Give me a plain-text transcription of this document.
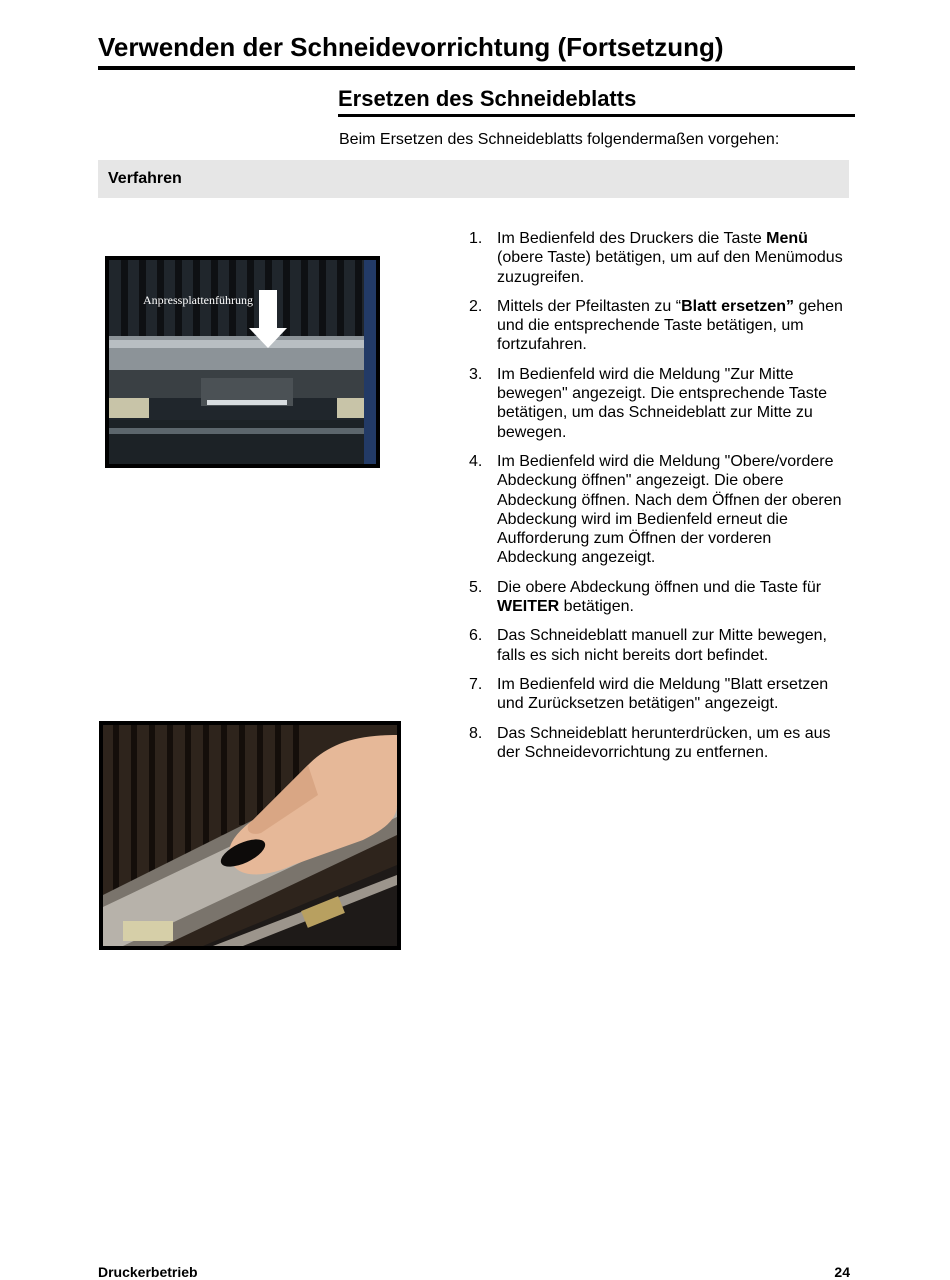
Verwenden der Schneidevorrichtung (Fortsetzung)
Ersetzen des Schneideblatts
Beim Ersetzen des Schneideblatts folgendermaßen vorgehen:
Verfahren
Anpressplattenführung
1. Im Bedienfeld des Druckers die Taste Menü (obere Taste) betätigen, um auf den Menümodus zuzugreifen.
2. Mittels der Pfeiltasten zu “Blatt ersetzen” gehen und die entsprechende Taste betätigen, um fortzufahren.
3. Im Bedienfeld wird die Meldung "Zur Mitte bewegen" angezeigt. Die entsprechende Taste betätigen, um das Schneideblatt zur Mitte zu bewegen.
4. Im Bedienfeld wird die Meldung "Obere/vordere Abdeckung öffnen" angezeigt. Die obere Abdeckung öffnen. Nach dem Öffnen der oberen Abdeckung wird im Bedienfeld erneut die Aufforderung zum Öffnen der vorderen Abdeckung angezeigt.
5. Die obere Abdeckung öffnen und die Taste für WEITER betätigen.
6. Das Schneideblatt manuell zur Mitte bewegen, falls es sich nicht bereits dort befindet.
7. Im Bedienfeld wird die Meldung "Blatt ersetzen und Zurücksetzen betätigen" angezeigt.
8. Das Schneideblatt herunterdrücken, um es aus der Schneidevorrichtung zu entfernen.
Druckerbetrieb	24
